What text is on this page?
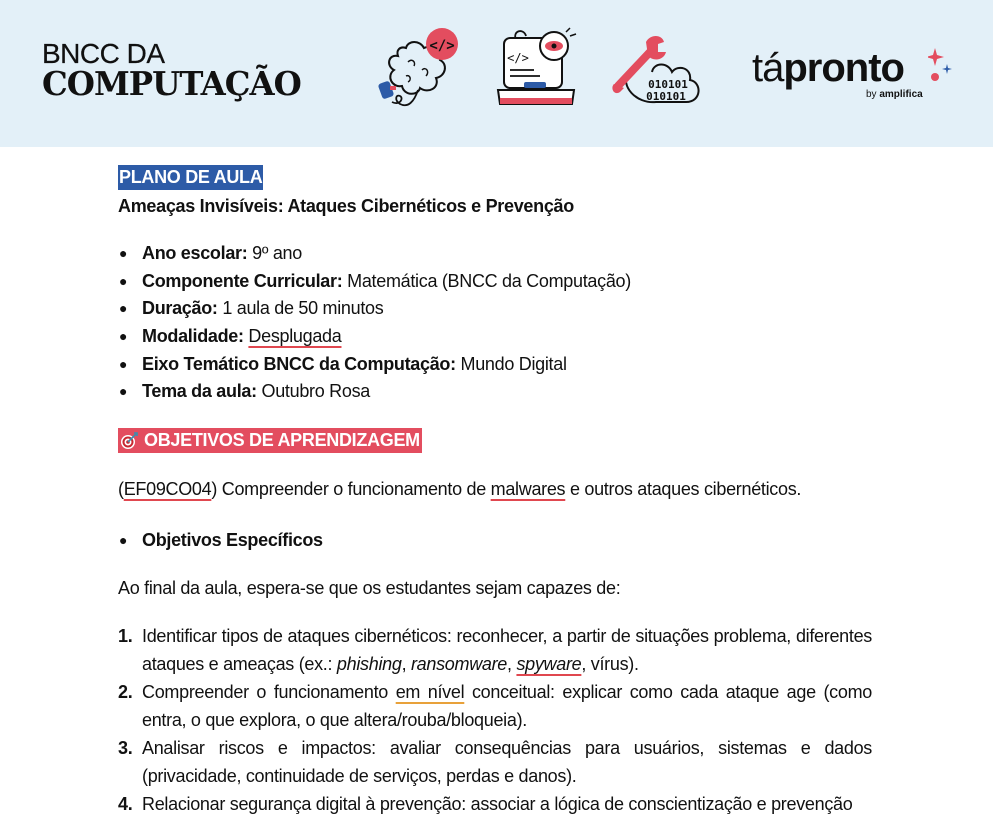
BNCC DA
COMPUTAÇÃO
</>
</>
010101
010101
tápronto
by amplifica
PLANO DE AULA
Ameaças Invisíveis: Ataques Cibernéticos e Prevenção
● Ano escolar: 9º ano
● Componente Curricular: Matemática (BNCC da Computação)
● Duração: 1 aula de 50 minutos
● Modalidade: Desplugada
● Eixo Temático BNCC da Computação: Mundo Digital
● Tema da aula: Outubro Rosa
OBJETIVOS DE APRENDIZAGEM
(EF09CO04) Compreender o funcionamento de malwares e outros ataques cibernéticos.
● Objetivos Específicos
Ao final da aula, espera-se que os estudantes sejam capazes de:
1. Identificar tipos de ataques cibernéticos: reconhecer, a partir de situações problema, diferentes ataques e ameaças (ex.: phishing, ransomware, spyware, vírus).
2. Compreender o funcionamento em nível conceitual: explicar como cada ataque age (como entra, o que explora, o que altera/rouba/bloqueia).
3. Analisar riscos e impactos: avaliar consequências para usuários, sistemas e dados (privacidade, continuidade de serviços, perdas e danos).
4. Relacionar segurança digital à prevenção: associar a lógica de conscientização e prevenção
